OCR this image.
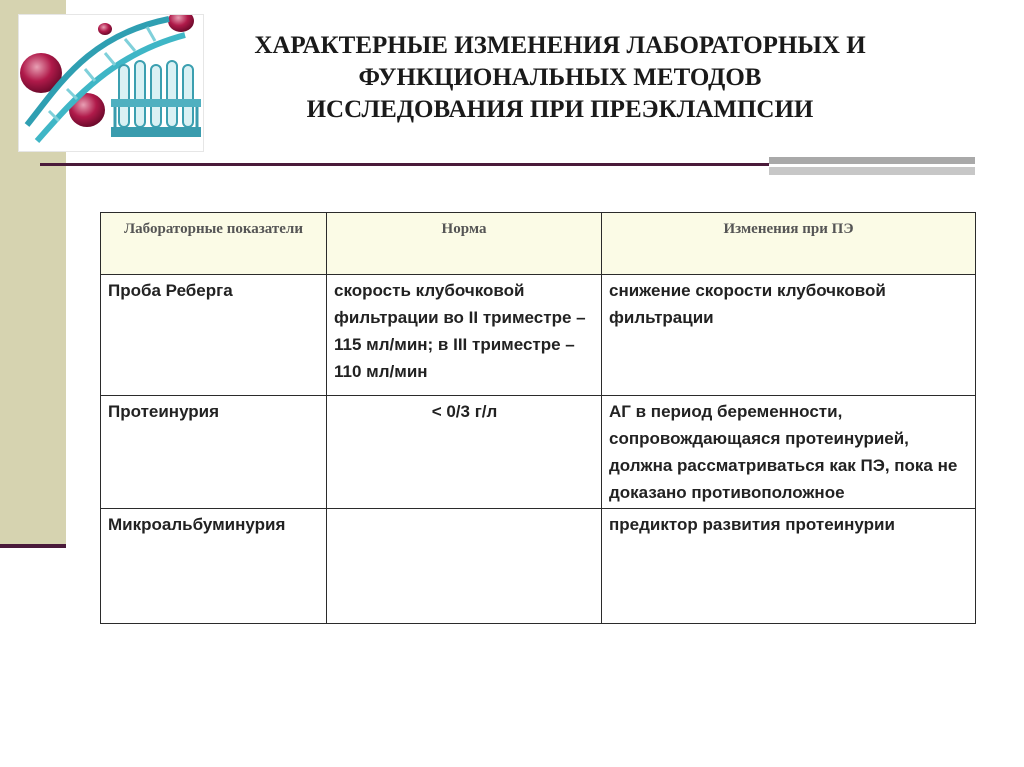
ХАРАКТЕРНЫЕ ИЗМЕНЕНИЯ ЛАБОРАТОРНЫХ И
ФУНКЦИОНАЛЬНЫХ МЕТОДОВ
ИССЛЕДОВАНИЯ ПРИ ПРЕЭКЛАМПСИИ
Лабораторные показатели	Норма	Изменения при ПЭ
Проба Реберга	скорость клубочковой фильтрации во II триместре –115 мл/мин; в III триместре – 110 мл/мин	снижение скорости клубочковой фильтрации
Протеинурия	< 0/3 г/л	АГ в период беременности, сопровождающаяся протеинурией, должна рассматриваться как ПЭ, пока не доказано противоположное
Микроальбуминурия		предиктор развития протеинурии
